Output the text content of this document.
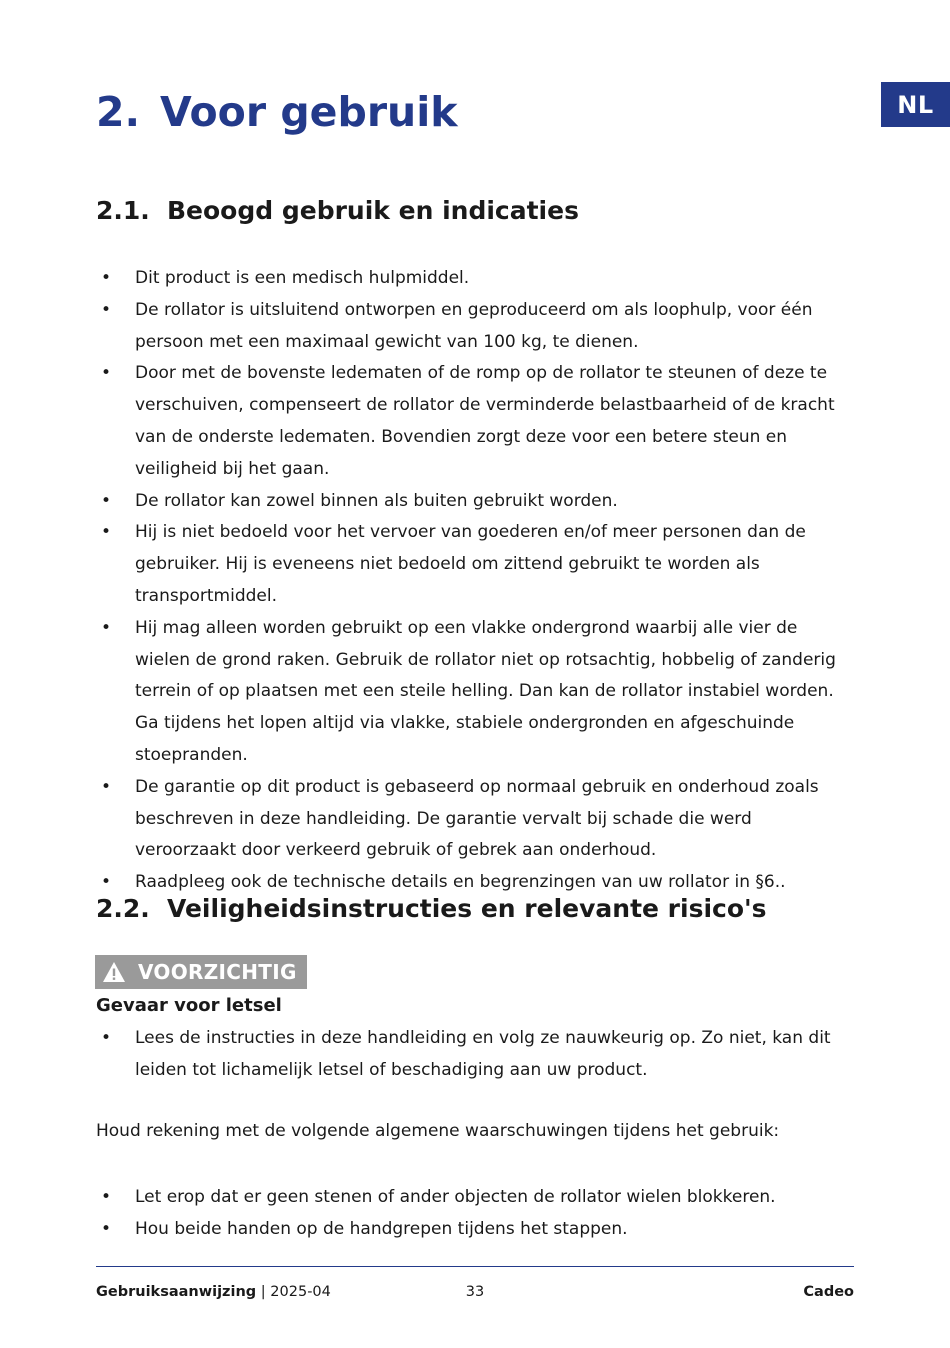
NL
2. Voor gebruik
2.1. Beoogd gebruik en indicaties
• Dit product is een medisch hulpmiddel.
• De rollator is uitsluitend ontworpen en geproduceerd om als loophulp, voor één persoon met een maximaal gewicht van 100 kg, te dienen.
• Door met de bovenste ledematen of de romp op de rollator te steunen of deze te verschuiven, compenseert de rollator de verminderde belastbaarheid of de kracht van de onderste ledematen. Bovendien zorgt deze voor een betere steun en veiligheid bij het gaan.
• De rollator kan zowel binnen als buiten gebruikt worden.
• Hij is niet bedoeld voor het vervoer van goederen en/of meer personen dan de gebruiker. Hij is eveneens niet bedoeld om zittend gebruikt te worden als transportmiddel.
• Hij mag alleen worden gebruikt op een vlakke ondergrond waarbij alle vier de wielen de grond raken. Gebruik de rollator niet op rotsachtig, hobbelig of zanderig terrein of op plaatsen met een steile helling. Dan kan de rollator instabiel worden. Ga tijdens het lopen altijd via vlakke, stabiele ondergronden en afgeschuinde stoepranden.
• De garantie op dit product is gebaseerd op normaal gebruik en onderhoud zoals beschreven in deze handleiding. De garantie vervalt bij schade die werd veroorzaakt door verkeerd gebruik of gebrek aan onderhoud.
• Raadpleeg ook de technische details en begrenzingen van uw rollator in §6..
2.2. Veiligheidsinstructies en relevante risico's
VOORZICHTIG

Gevaar voor letsel

• Lees de instructies in deze handleiding en volg ze nauwkeurig op. Zo niet, kan dit leiden tot lichamelijk letsel of beschadiging aan uw product.

Houd rekening met de volgende algemene waarschuwingen tijdens het gebruik:

• Let erop dat er geen stenen of ander objecten de rollator wielen blokkeren.
• Hou beide handen op de handgrepen tijdens het stappen.
Gebruiksaanwijzing | 2025-04	33	Cadeo
